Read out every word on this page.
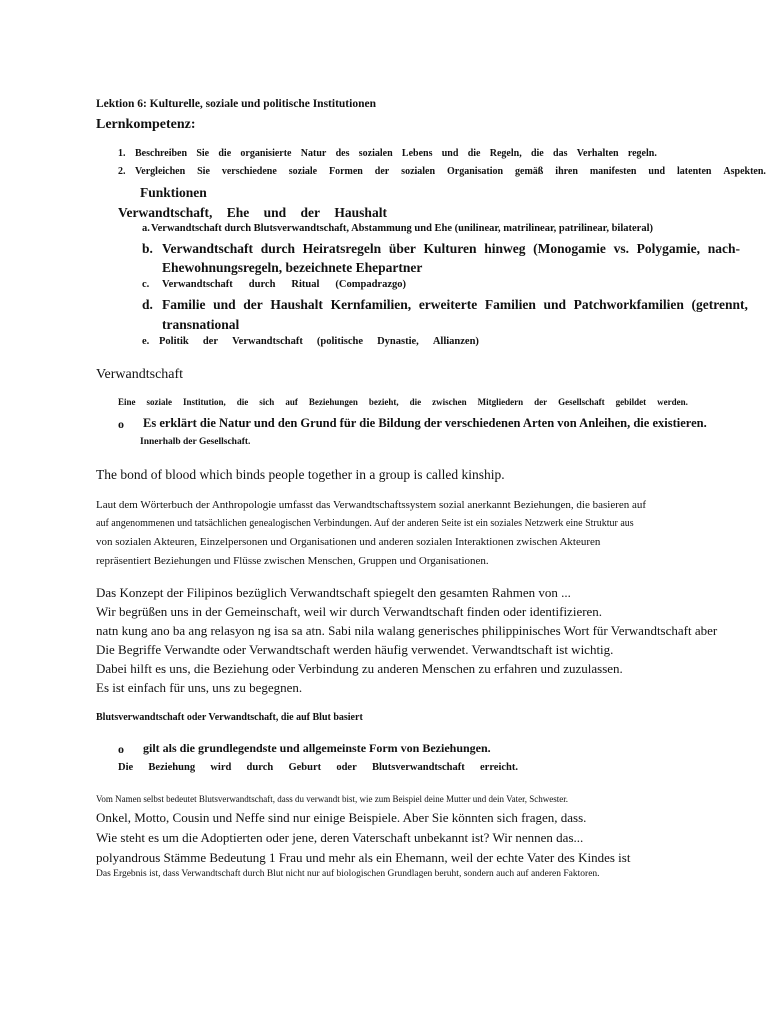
Lektion 6: Kulturelle, soziale und politische Institutionen
Lernkompetenz:
1. Beschreiben Sie die organisierte Natur des sozialen Lebens und die Regeln, die das Verhalten regeln.
2. Vergleichen Sie verschiedene soziale Formen der sozialen Organisation gemäß ihren manifesten und latenten Aspekten.
Funktionen
Verwandtschaft, Ehe und der Haushalt
a. Verwandtschaft durch Blutsverwandtschaft, Abstammung und Ehe (unilinear, matrilinear, patrilinear, bilateral)
b. Verwandtschaft durch Heiratsregeln über Kulturen hinweg (Monogamie vs. Polygamie, nach-
Ehewohnungsregeln, bezeichnete Ehepartner
c. Verwandtschaft durch Ritual (Compadrazgo)
d. Familie und der Haushalt Kernfamilien, erweiterte Familien und Patchworkfamilien (getrennt,
transnational
e. Politik der Verwandtschaft (politische Dynastie, Allianzen)
Verwandtschaft
Eine soziale Institution, die sich auf Beziehungen bezieht, die zwischen Mitgliedern der Gesellschaft gebildet werden.
o Es erklärt die Natur und den Grund für die Bildung der verschiedenen Arten von Anleihen, die existieren.
Innerhalb der Gesellschaft.
The bond of blood which binds people together in a group is called kinship.
Laut dem Wörterbuch der Anthropologie umfasst das Verwandtschaftssystem sozial anerkannt Beziehungen, die basieren auf
auf angenommenen und tatsächlichen genealogischen Verbindungen. Auf der anderen Seite ist ein soziales Netzwerk eine Struktur aus
von sozialen Akteuren, Einzelpersonen und Organisationen und anderen sozialen Interaktionen zwischen Akteuren
repräsentiert Beziehungen und Flüsse zwischen Menschen, Gruppen und Organisationen.
Das Konzept der Filipinos bezüglich Verwandtschaft spiegelt den gesamten Rahmen von ...
Wir begrüßen uns in der Gemeinschaft, weil wir durch Verwandtschaft finden oder identifizieren.
natn kung ano ba ang relasyon ng isa sa atn. Sabi nila walang generisches philippinisches Wort für Verwandtschaft aber
Die Begriffe Verwandte oder Verwandtschaft werden häufig verwendet. Verwandtschaft ist wichtig.
Dabei hilft es uns, die Beziehung oder Verbindung zu anderen Menschen zu erfahren und zuzulassen.
Es ist einfach für uns, uns zu begegnen.
Blutsverwandtschaft oder Verwandtschaft, die auf Blut basiert
o gilt als die grundlegendste und allgemeinste Form von Beziehungen.
Die Beziehung wird durch Geburt oder Blutsverwandtschaft erreicht.
Vom Namen selbst bedeutet Blutsverwandtschaft, dass du verwandt bist, wie zum Beispiel deine Mutter und dein Vater, Schwester.
Onkel, Motto, Cousin und Neffe sind nur einige Beispiele. Aber Sie könnten sich fragen, dass.
Wie steht es um die Adoptierten oder jene, deren Vaterschaft unbekannt ist? Wir nennen das...
polyandrous Stämme Bedeutung 1 Frau und mehr als ein Ehemann, weil der echte Vater des Kindes ist
Das Ergebnis ist, dass Verwandtschaft durch Blut nicht nur auf biologischen Grundlagen beruht, sondern auch auf anderen Faktoren.
